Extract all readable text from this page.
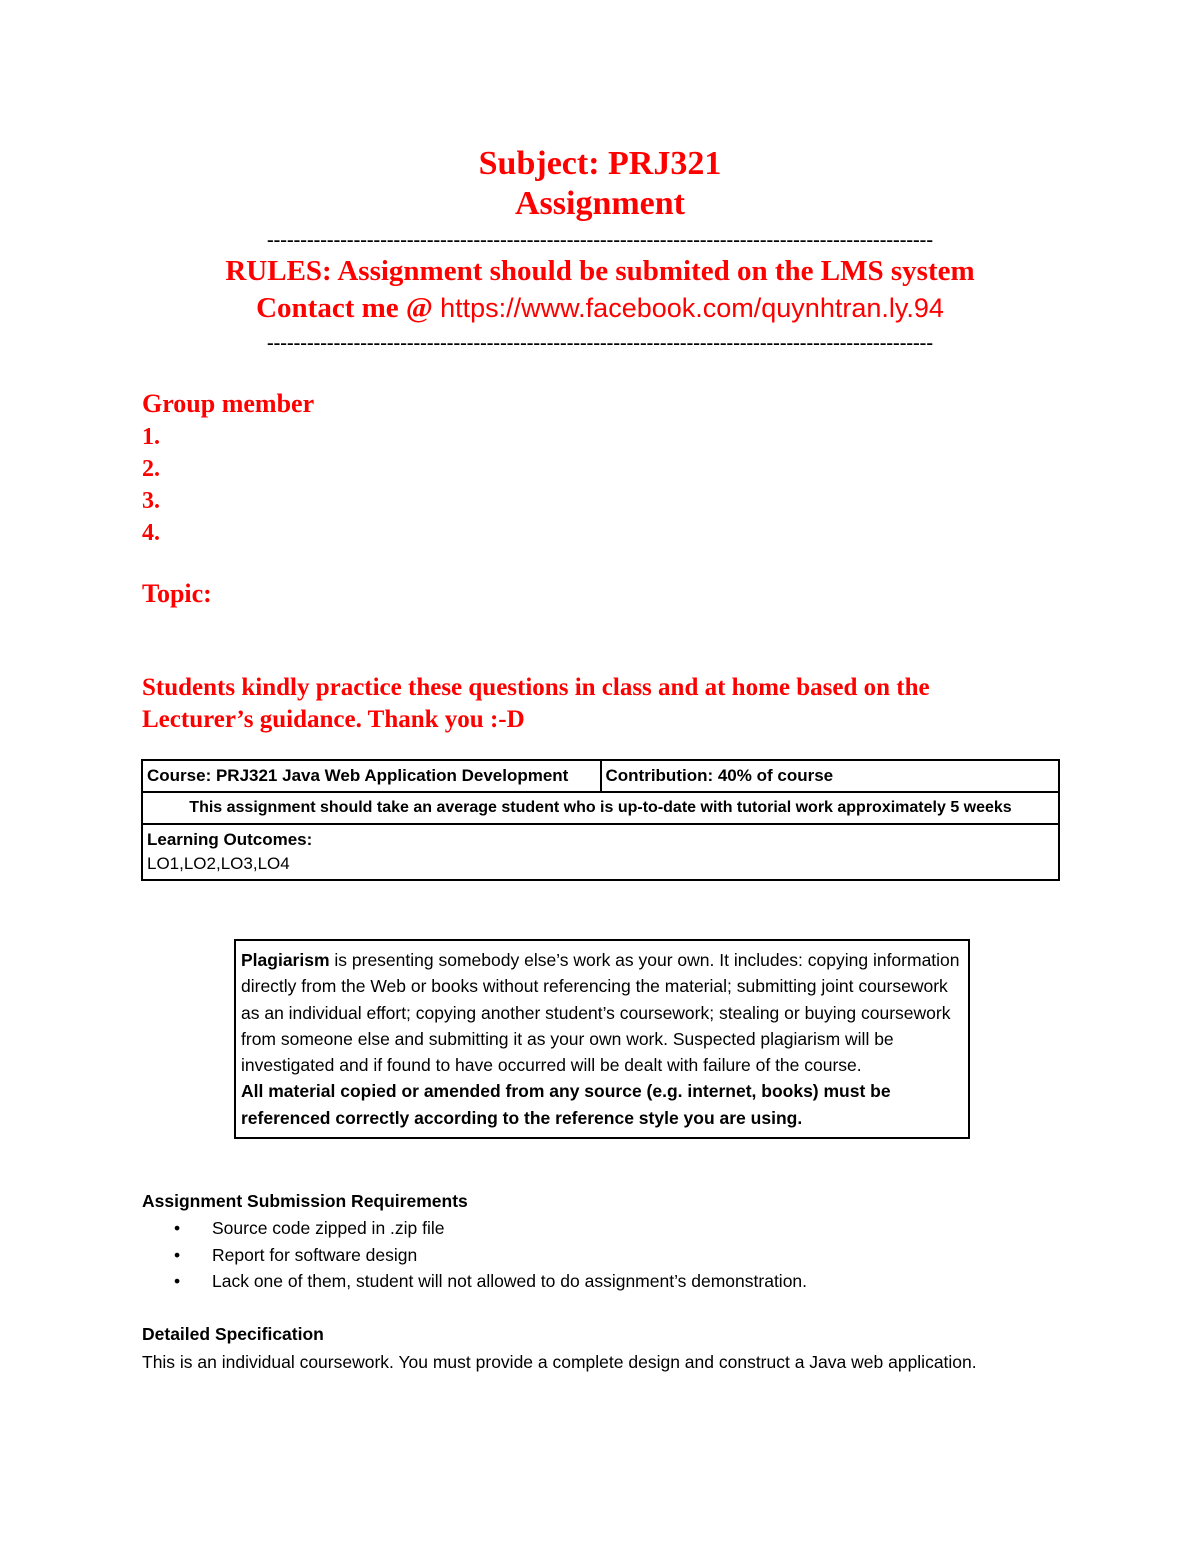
Subject: PRJ321
Assignment
----------------------------------------------------------------------------------------------------
RULES: Assignment should be submited on the LMS system
Contact me @ https://www.facebook.com/quynhtran.ly.94
----------------------------------------------------------------------------------------------------
Group member
1.
2.
3.
4.
Topic:
Students kindly practice these questions in class and at home based on the Lecturer’s guidance. Thank you :-D
Course: PRJ321 Java Web Application Development	Contribution: 40% of course
This assignment should take an average student who is up-to-date with tutorial work approximately 5 weeks

Learning Outcomes:
LO1,LO2,LO3,LO4
Plagiarism is presenting somebody else’s work as your own. It includes: copying information directly from the Web or books without referencing the material; submitting joint coursework as an individual effort; copying another student’s coursework; stealing or buying coursework from someone else and submitting it as your own work. Suspected plagiarism will be investigated and if found to have occurred will be dealt with failure of the course.
All material copied or amended from any source (e.g. internet, books) must be referenced correctly according to the reference style you are using.
Assignment Submission Requirements
• Source code zipped in .zip file
• Report for software design
• Lack one of them, student will not allowed to do assignment’s demonstration.
Detailed Specification
This is an individual coursework. You must provide a complete design and construct a Java web application.
